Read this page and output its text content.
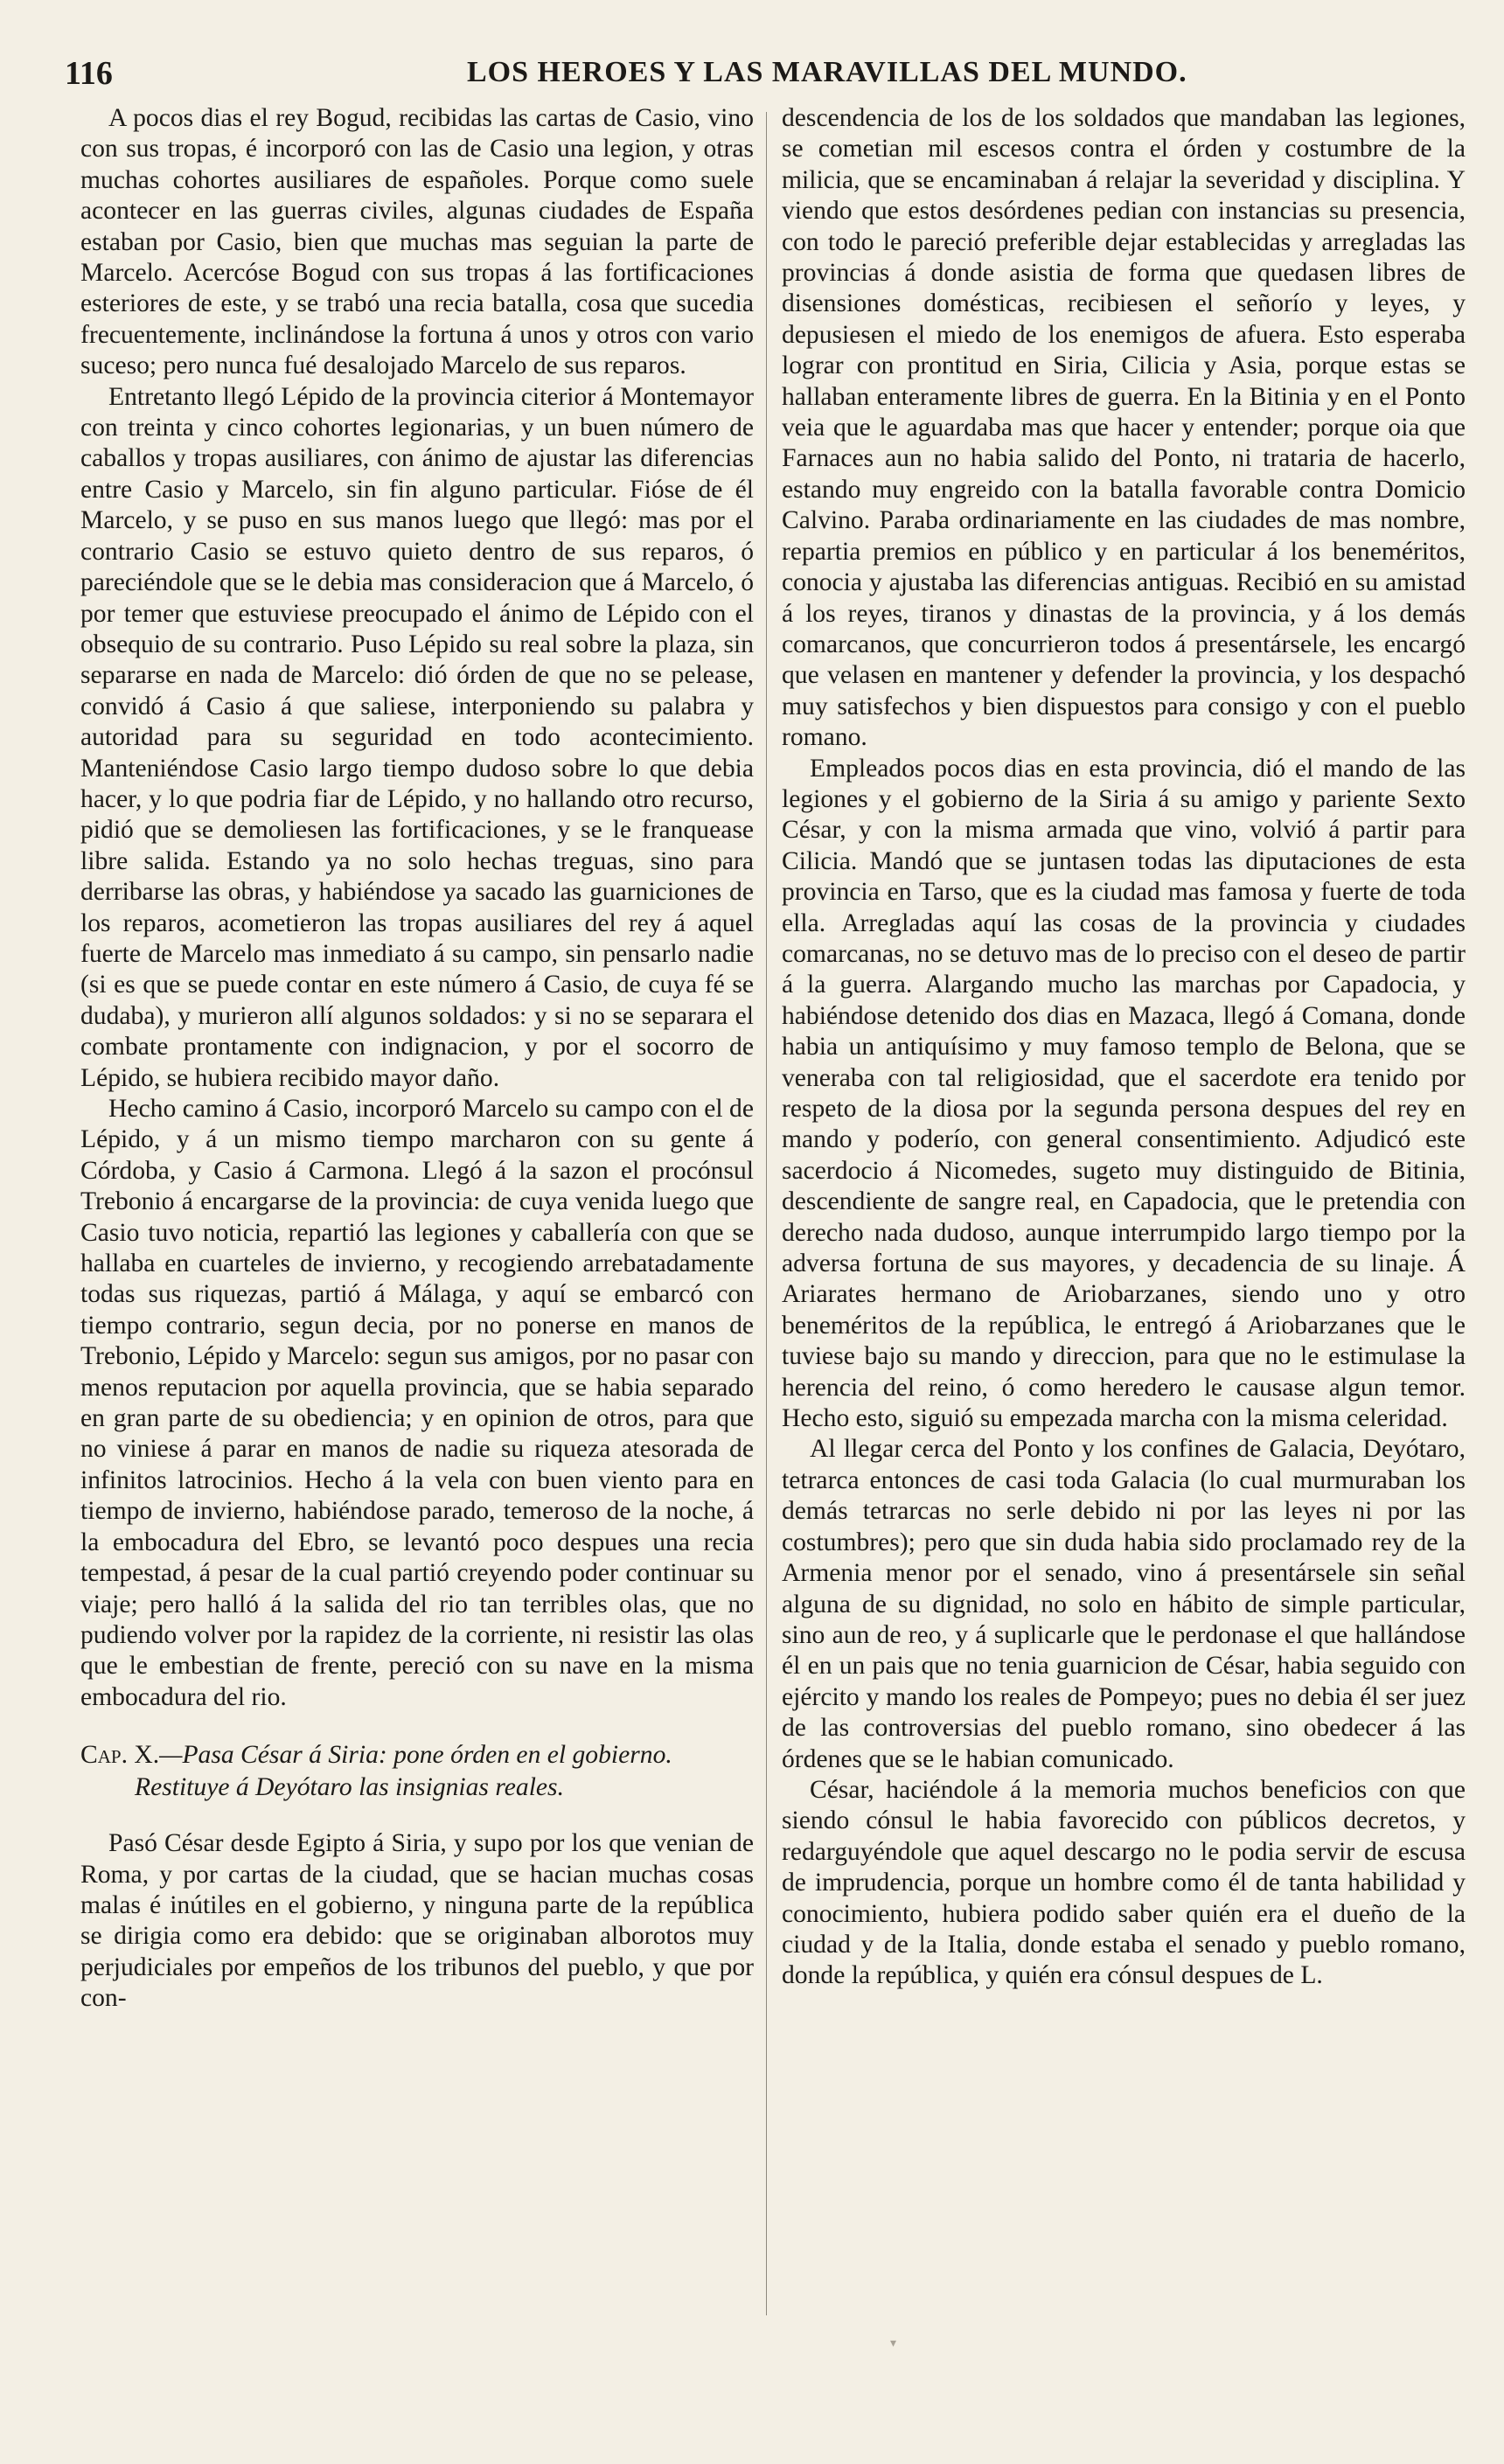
116	LOS HEROES Y LAS MARAVILLAS DEL MUNDO.

A pocos dias el rey Bogud, recibidas las cartas de Casio, vino con sus tropas, é incorporó con las de Casio una legion, y otras muchas cohortes ausiliares de españoles. Porque como suele acontecer en las guerras civiles, algunas ciudades de España estaban por Casio, bien que muchas mas seguian la parte de Marcelo. Acercóse Bogud con sus tropas á las fortificaciones esteriores de este, y se trabó una recia batalla, cosa que sucedia frecuentemente, inclinándose la fortuna á unos y otros con vario suceso; pero nunca fué desalojado Marcelo de sus reparos.

Entretanto llegó Lépido de la provincia citerior á Montemayor con treinta y cinco cohortes legionarias, y un buen número de caballos y tropas ausiliares, con ánimo de ajustar las diferencias entre Casio y Marcelo, sin fin alguno particular. Fióse de él Marcelo, y se puso en sus manos luego que llegó: mas por el contrario Casio se estuvo quieto dentro de sus reparos, ó pareciéndole que se le debia mas consideracion que á Marcelo, ó por temer que estuviese preocupado el ánimo de Lépido con el obsequio de su contrario. Puso Lépido su real sobre la plaza, sin separarse en nada de Marcelo: dió órden de que no se pelease, convidó á Casio á que saliese, interponiendo su palabra y autoridad para su seguridad en todo acontecimiento. Manteniéndose Casio largo tiempo dudoso sobre lo que debia hacer, y lo que podria fiar de Lépido, y no hallando otro recurso, pidió que se demoliesen las fortificaciones, y se le franquease libre salida. Estando ya no solo hechas treguas, sino para derribarse las obras, y habiéndose ya sacado las guarniciones de los reparos, acometieron las tropas ausiliares del rey á aquel fuerte de Marcelo mas inmediato á su campo, sin pensarlo nadie (si es que se puede contar en este número á Casio, de cuya fé se dudaba), y murieron allí algunos soldados: y si no se separara el combate prontamente con indignacion, y por el socorro de Lépido, se hubiera recibido mayor daño.

Hecho camino á Casio, incorporó Marcelo su campo con el de Lépido, y á un mismo tiempo marcharon con su gente á Córdoba, y Casio á Carmona. Llegó á la sazon el procónsul Trebonio á encargarse de la provincia: de cuya venida luego que Casio tuvo noticia, repartió las legiones y caballería con que se hallaba en cuarteles de invierno, y recogiendo arrebatadamente todas sus riquezas, partió á Málaga, y aquí se embarcó con tiempo contrario, segun decia, por no ponerse en manos de Trebonio, Lépido y Marcelo: segun sus amigos, por no pasar con menos reputacion por aquella provincia, que se habia separado en gran parte de su obediencia; y en opinion de otros, para que no viniese á parar en manos de nadie su riqueza atesorada de infinitos latrocinios. Hecho á la vela con buen viento para en tiempo de invierno, habiéndose parado, temeroso de la noche, á la embocadura del Ebro, se levantó poco despues una recia tempestad, á pesar de la cual partió creyendo poder continuar su viaje; pero halló á la salida del rio tan terribles olas, que no pudiendo volver por la rapidez de la corriente, ni resistir las olas que le embestian de frente, pereció con su nave en la misma embocadura del rio.

Cap. X.—Pasa César á Siria: pone órden en el gobierno.
Restituye á Deyótaro las insignias reales.

Pasó César desde Egipto á Siria, y supo por los que venian de Roma, y por cartas de la ciudad, que se hacian muchas cosas malas é inútiles en el gobierno, y ninguna parte de la república se dirigia como era debido: que se originaban alborotos muy perjudiciales por empeños de los tribunos del pueblo, y que por con-

descendencia de los de los soldados que mandaban las legiones, se cometian mil escesos contra el órden y costumbre de la milicia, que se encaminaban á relajar la severidad y disciplina. Y viendo que estos desórdenes pedian con instancias su presencia, con todo le pareció preferible dejar establecidas y arregladas las provincias á donde asistia de forma que quedasen libres de disensiones domésticas, recibiesen el señorío y leyes, y depusiesen el miedo de los enemigos de afuera. Esto esperaba lograr con prontitud en Siria, Cilicia y Asia, porque estas se hallaban enteramente libres de guerra. En la Bitinia y en el Ponto veia que le aguardaba mas que hacer y entender; porque oia que Farnaces aun no habia salido del Ponto, ni trataria de hacerlo, estando muy engreido con la batalla favorable contra Domicio Calvino. Paraba ordinariamente en las ciudades de mas nombre, repartia premios en público y en particular á los beneméritos, conocia y ajustaba las diferencias antiguas. Recibió en su amistad á los reyes, tiranos y dinastas de la provincia, y á los demás comarcanos, que concurrieron todos á presentársele, les encargó que velasen en mantener y defender la provincia, y los despachó muy satisfechos y bien dispuestos para consigo y con el pueblo romano.

Empleados pocos dias en esta provincia, dió el mando de las legiones y el gobierno de la Siria á su amigo y pariente Sexto César, y con la misma armada que vino, volvió á partir para Cilicia. Mandó que se juntasen todas las diputaciones de esta provincia en Tarso, que es la ciudad mas famosa y fuerte de toda ella. Arregladas aquí las cosas de la provincia y ciudades comarcanas, no se detuvo mas de lo preciso con el deseo de partir á la guerra. Alargando mucho las marchas por Capadocia, y habiéndose detenido dos dias en Mazaca, llegó á Comana, donde habia un antiquísimo y muy famoso templo de Belona, que se veneraba con tal religiosidad, que el sacerdote era tenido por respeto de la diosa por la segunda persona despues del rey en mando y poderío, con general consentimiento. Adjudicó este sacerdocio á Nicomedes, sugeto muy distinguido de Bitinia, descendiente de sangre real, en Capadocia, que le pretendia con derecho nada dudoso, aunque interrumpido largo tiempo por la adversa fortuna de sus mayores, y decadencia de su linaje. Á Ariarates hermano de Ariobarzanes, siendo uno y otro beneméritos de la república, le entregó á Ariobarzanes que le tuviese bajo su mando y direccion, para que no le estimulase la herencia del reino, ó como heredero le causase algun temor. Hecho esto, siguió su empezada marcha con la misma celeridad.

Al llegar cerca del Ponto y los confines de Galacia, Deyótaro, tetrarca entonces de casi toda Galacia (lo cual murmuraban los demás tetrarcas no serle debido ni por las leyes ni por las costumbres); pero que sin duda habia sido proclamado rey de la Armenia menor por el senado, vino á presentársele sin señal alguna de su dignidad, no solo en hábito de simple particular, sino aun de reo, y á suplicarle que le perdonase el que hallándose él en un pais que no tenia guarnicion de César, habia seguido con ejército y mando los reales de Pompeyo; pues no debia él ser juez de las controversias del pueblo romano, sino obedecer á las órdenes que se le habian comunicado.

César, haciéndole á la memoria muchos beneficios con que siendo cónsul le habia favorecido con públicos decretos, y redarguyéndole que aquel descargo no le podia servir de escusa de imprudencia, porque un hombre como él de tanta habilidad y conocimiento, hubiera podido saber quién era el dueño de la ciudad y de la Italia, donde estaba el senado y pueblo romano, donde la república, y quién era cónsul despues de L.

▾
